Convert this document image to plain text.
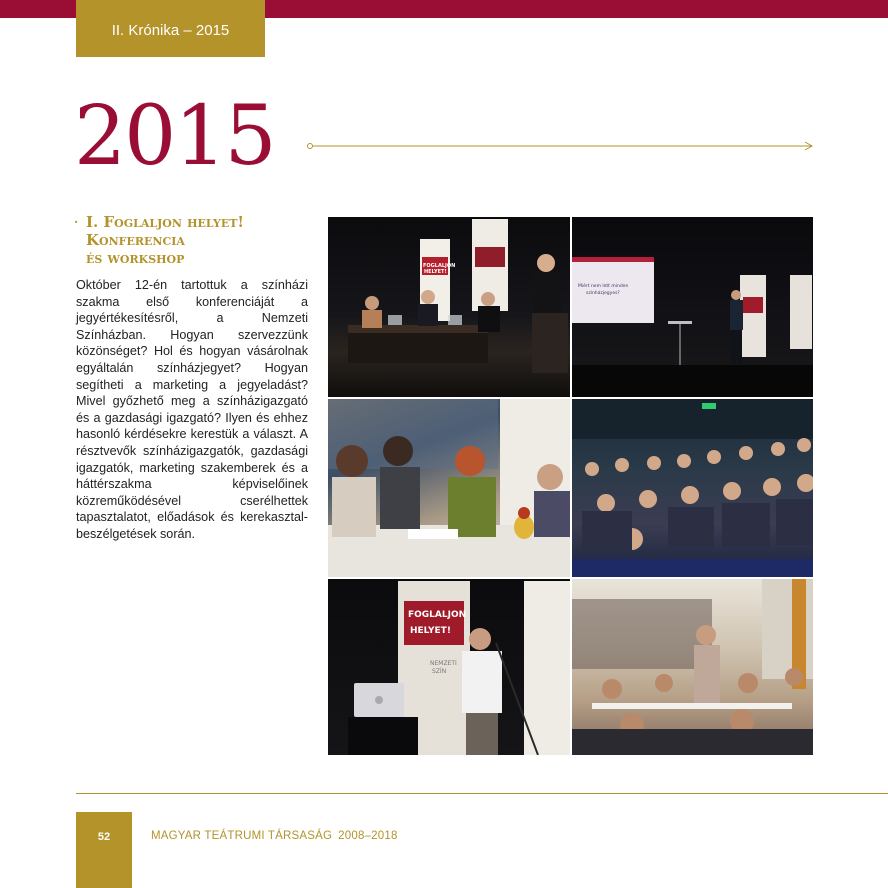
II. Krónika – 2015
2015
· I. Foglaljon helyet!
Konferencia
és workshop
Október 12-én tartottuk a színházi szakma első konferenciáját a jegyértékesítésről, a Nemzeti Színházban. Hogyan szervezzünk közönséget? Hol és hogyan vásárolnak egyáltalán színházjegyet? Hogyan segítheti a marketing a jegyeladást? Mivel győzhető meg a színházigazgató és a gazdasági igazgató? Ilyen és ehhez hasonló kérdésekre kerestük a választ. A résztvevők színházigazgatók, gazdasági igazgatók, marketing szakemberek és a háttérszakma képviselőinek közreműködésével cserélhettek tapasztalatot, előadások és kerekasztal-beszélgetések során.
FOGLALJON
HELYET!
Miért nem lett minden
színházjegyes?
FOGLALJON
HELYET!
NEMZETI
SZÍN
52	MAGYAR TEÁTRUMI TÁRSASÁG 2008–2018
